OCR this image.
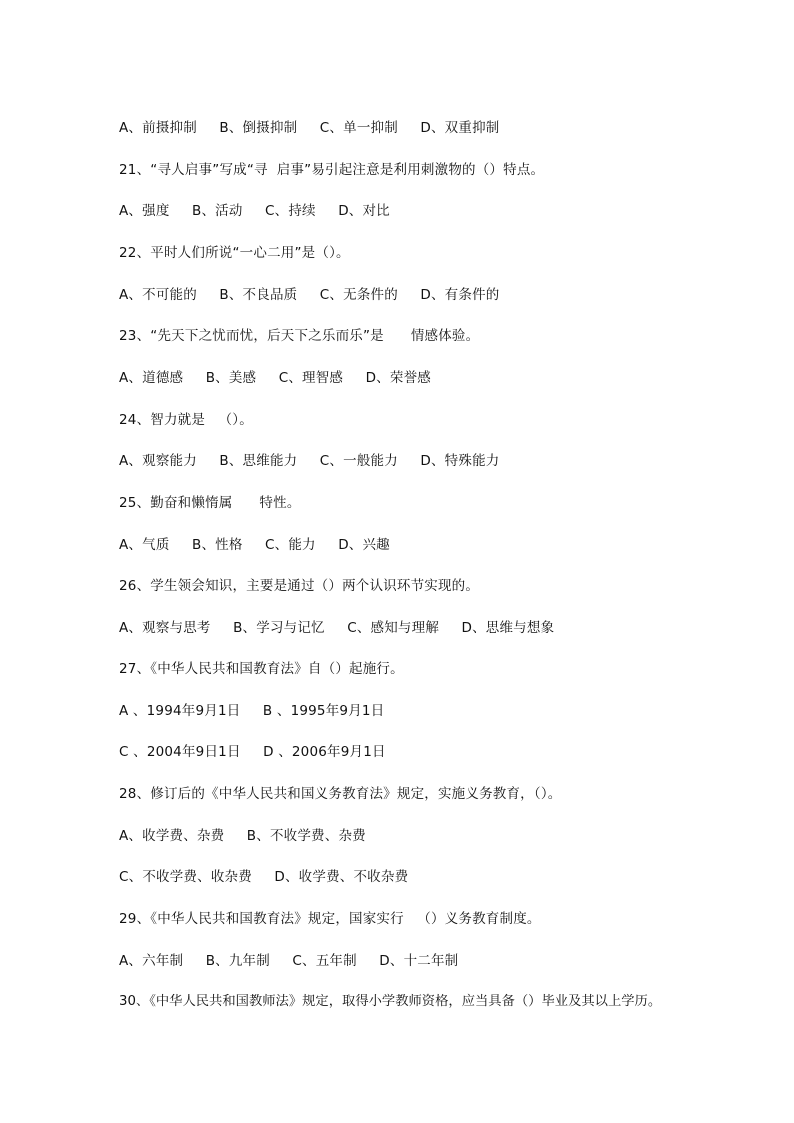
A、前摄抑制     B、倒摄抑制     C、单一抑制     D、双重抑制
21、“寻人启事”写成“寻  启事”易引起注意是利用刺激物的（）特点。
A、强度     B、活动     C、持续     D、对比
22、平时人们所说“一心二用”是（）。
A、不可能的     B、不良品质     C、无条件的     D、有条件的
23、“先天下之忧而忧，后天下之乐而乐”是      情感体验。
A、道德感     B、美感     C、理智感     D、荣誉感
24、智力就是   （）。
A、观察能力     B、思维能力     C、一般能力     D、特殊能力
25、勤奋和懒惰属      特性。
A、气质     B、性格     C、能力     D、兴趣
26、学生领会知识，主要是通过（）两个认识环节实现的。
A、观察与思考     B、学习与记忆     C、感知与理解     D、思维与想象
27、《中华人民共和国教育法》自（）起施行。
A 、1994年9月1日     B 、1995年9月1日
C 、2004年9日1日     D 、2006年9月1日
28、修订后的《中华人民共和国义务教育法》规定，实施义务教育，（）。
A、收学费、杂费     B、不收学费、杂费
C、不收学费、收杂费     D、收学费、不收杂费
29、《中华人民共和国教育法》规定，国家实行   （）义务教育制度。
A、六年制     B、九年制     C、五年制     D、十二年制
30、《中华人民共和国教师法》规定，取得小学教师资格，应当具备（）毕业及其以上学历。
